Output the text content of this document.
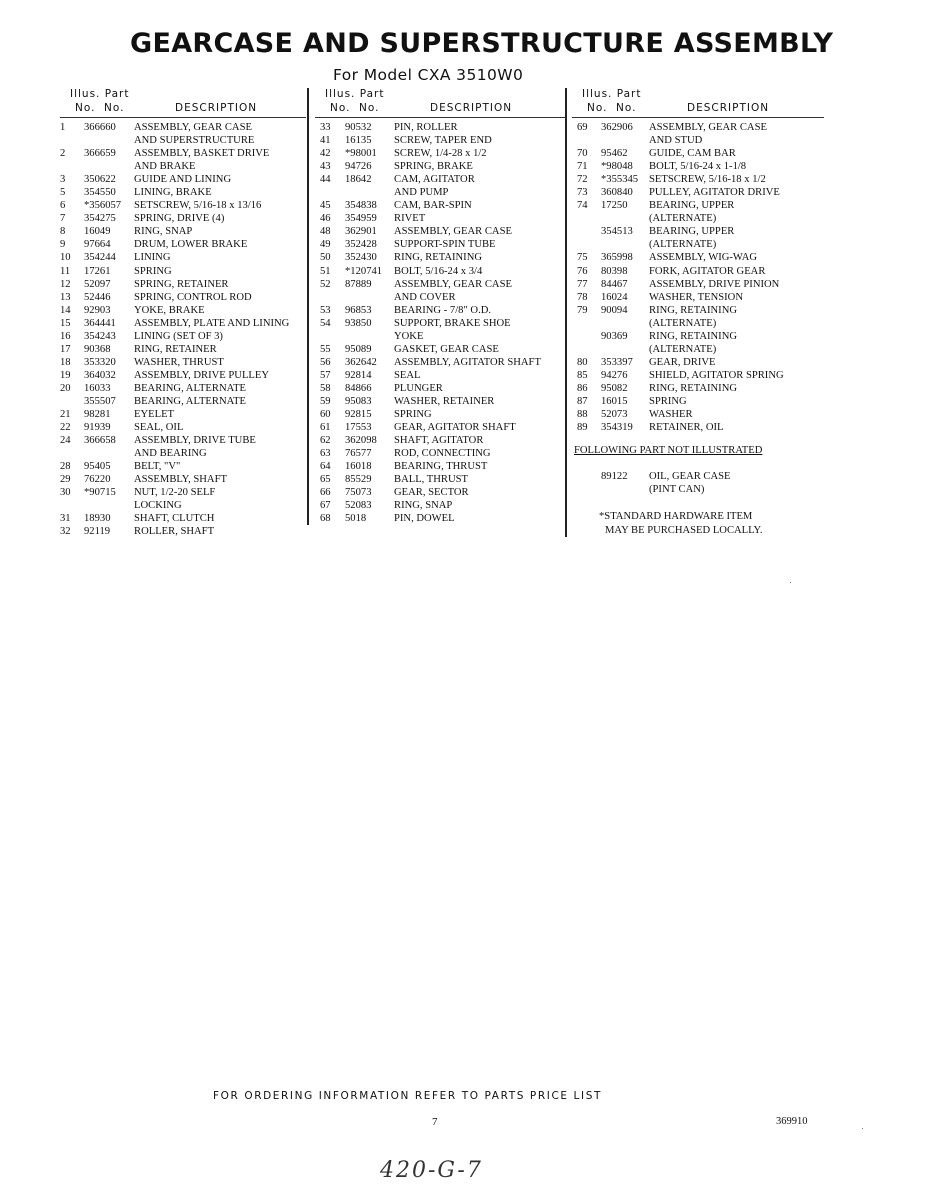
GEARCASE AND SUPERSTRUCTURE ASSEMBLY
For Model CXA 3510W0
Illus. Part
No. No.	DESCRIPTION
1	366660 ASSEMBLY, GEAR CASE
AND SUPERSTRUCTURE
2	366659 ASSEMBLY, BASKET DRIVE
AND BRAKE
3	350622 GUIDE AND LINING
5	354550 LINING, BRAKE
6	*356057 SETSCREW, 5/16-18 x 13/16
7	354275 SPRING, DRIVE (4)
8	16049 RING, SNAP
9	97664 DRUM, LOWER BRAKE
10	354244 LINING
11	17261 SPRING
12	52097 SPRING, RETAINER
13	52446 SPRING, CONTROL ROD
14	92903 YOKE, BRAKE
15	364441 ASSEMBLY, PLATE AND LINING
16	354243 LINING (SET OF 3)
17	90368 RING, RETAINER
18	353320 WASHER, THRUST
19	364032 ASSEMBLY, DRIVE PULLEY
20	16033 BEARING, ALTERNATE
355507 BEARING, ALTERNATE
21	98281 EYELET
22	91939 SEAL, OIL
24	366658 ASSEMBLY, DRIVE TUBE
AND BEARING
28	95405 BELT, "V"
29	76220 ASSEMBLY, SHAFT
30	*90715 NUT, 1/2-20 SELF
LOCKING
31	18930 SHAFT, CLUTCH
32	92119 ROLLER, SHAFT
Illus. Part
No. No.	DESCRIPTION
33	90532 PIN, ROLLER
41	16135 SCREW, TAPER END
42	*98001 SCREW, 1/4-28 x 1/2
43	94726 SPRING, BRAKE
44	18642 CAM, AGITATOR
AND PUMP
45	354838 CAM, BAR-SPIN
46	354959 RIVET
48	362901 ASSEMBLY, GEAR CASE
49	352428 SUPPORT-SPIN TUBE
50	352430 RING, RETAINING
51	*120741 BOLT, 5/16-24 x 3/4
52	87889 ASSEMBLY, GEAR CASE
AND COVER
53	96853 BEARING - 7/8" O.D.
54	93850 SUPPORT, BRAKE SHOE
YOKE
55	95089 GASKET, GEAR CASE
56	362642 ASSEMBLY, AGITATOR SHAFT
57	92814 SEAL
58	84866 PLUNGER
59	95083 WASHER, RETAINER
60	92815 SPRING
61	17553 GEAR, AGITATOR SHAFT
62	362098 SHAFT, AGITATOR
63	76577 ROD, CONNECTING
64	16018 BEARING, THRUST
65	85529 BALL, THRUST
66	75073 GEAR, SECTOR
67	52083 RING, SNAP
68	5018	PIN, DOWEL
Illus. Part
No. No.	DESCRIPTION
69	362906 ASSEMBLY, GEAR CASE
AND STUD
70	95462 GUIDE, CAM BAR
71	*98048 BOLT, 5/16-24 x 1-1/8
72	*355345 SETSCREW, 5/16-18 x 1/2
73	360840 PULLEY, AGITATOR DRIVE
74	17250 BEARING, UPPER
(ALTERNATE)
354513 BEARING, UPPER
(ALTERNATE)
75	365998 ASSEMBLY, WIG-WAG
76	80398 FORK, AGITATOR GEAR
77	84467 ASSEMBLY, DRIVE PINION
78	16024 WASHER, TENSION
79	90094 RING, RETAINING
(ALTERNATE)
90369 RING, RETAINING
(ALTERNATE)
80	353397 GEAR, DRIVE
85	94276 SHIELD, AGITATOR SPRING
86	95082 RING, RETAINING
87	16015 SPRING
88	52073 WASHER
89	354319 RETAINER, OIL
FOLLOWING PART NOT ILLUSTRATED
89122 OIL, GEAR CASE
(PINT CAN)
*STANDARD HARDWARE ITEM
MAY BE PURCHASED LOCALLY.
FOR ORDERING INFORMATION REFER TO PARTS PRICE LIST
7	369910
420-G-7
